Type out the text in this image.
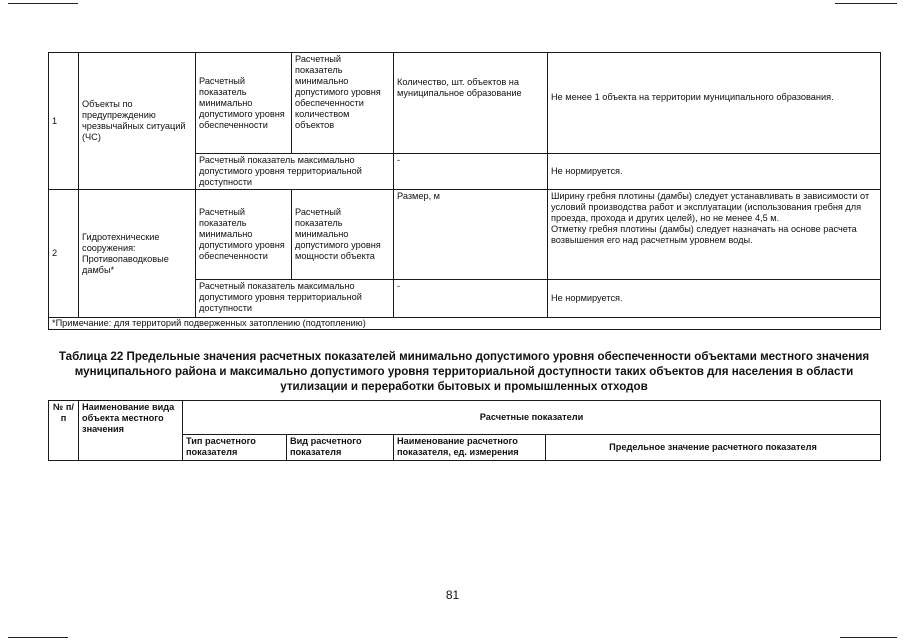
1	Объекты по предупреждению чрезвычайных ситуаций (ЧС)	Расчетный показатель минимально допустимого уровня обеспеченности	Расчетный показатель минимально допустимого уровня обеспеченности количеством объектов	Количество, шт. объектов на муниципальное образование	Не менее 1 объекта на территории муниципального образования.
		Расчетный показатель максимально допустимого уровня территориальной доступности		-	Не нормируется.
2	Гидротехнические сооружения: Противопаводковые дамбы*	Расчетный показатель минимально допустимого уровня обеспеченности	Расчетный показатель минимально допустимого уровня мощности объекта	Размер, м	Ширину гребня плотины (дамбы) следует устанавливать в зависимости от условий производства работ и эксплуатации (использования гребня для проезда, прохода и других целей), но не менее 4,5 м.
Отметку гребня плотины (дамбы) следует назначать на основе расчета возвышения его над расчетным уровнем воды.
		Расчетный показатель максимально допустимого уровня территориальной доступности		-	Не нормируется.
*Примечание: для территорий подверженных затоплению (подтоплению)					
Таблица 22 Предельные значения расчетных показателей минимально допустимого уровня обеспеченности объектами местного значения муниципального района и максимально допустимого уровня территориальной доступности таких объектов для населения в области утилизации и переработки бытовых и промышленных отходов
№ п/п	Наименование вида объекта местного значения	Расчетные показатели			
		Тип расчетного показателя	Вид расчетного показателя	Наименование расчетного показателя, ед. измерения	Предельное значение расчетного показателя
81
